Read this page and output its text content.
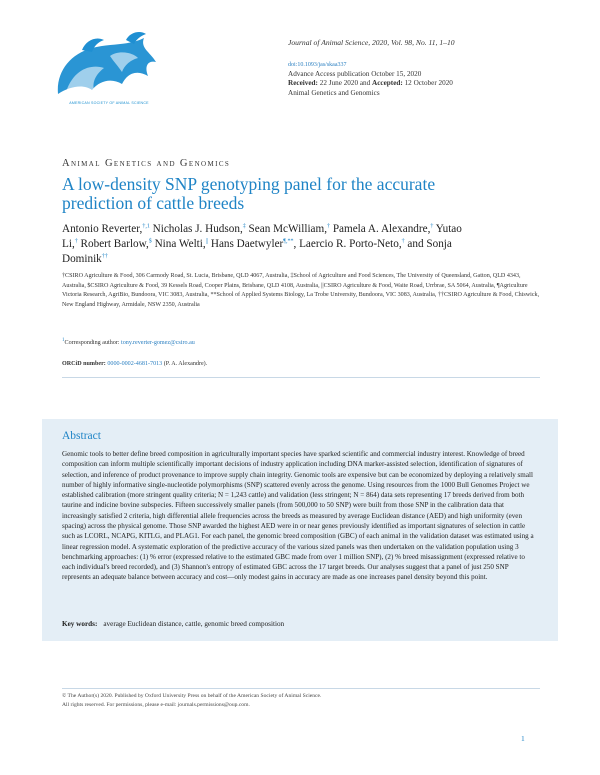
AMERICAN SOCIETY OF ANIMAL SCIENCE
Journal of Animal Science, 2020, Vol. 98, No. 11, 1–10
doi:10.1093/jas/skaa337
Advance Access publication October 15, 2020
Received: 22 June 2020 and Accepted: 12 October 2020
Animal Genetics and Genomics
Animal Genetics and Genomics
A low-density SNP genotyping panel for the accurate prediction of cattle breeds
Antonio Reverter,$^{\dagger,1}$ Nicholas J. Hudson,‡ Sean McWilliam,† Pamela A. Alexandre,† Yutao Li,† Robert Barlow,$ Nina Welti,|| Hans Daetwyler¶,**, Laercio R. Porto-Neto,† and Sonja Dominik††
†CSIRO Agriculture & Food, 306 Carmody Road, St. Lucia, Brisbane, QLD 4067, Australia, ‡School of Agriculture and Food Sciences, The University of Queensland, Gatton, QLD 4343, Australia, $CSIRO Agriculture & Food, 39 Kessels Road, Cooper Plains, Brisbane, QLD 4108, Australia, ||CSIRO Agriculture & Food, Waite Road, Urrbrae, SA 5064, Australia, ¶Agriculture Victoria Research, AgriBio, Bundoora, VIC 3083, Australia, **School of Applied Systems Biology, La Trobe University, Bundoora, VIC 3083, Australia, ††CSIRO Agriculture & Food, Chiswick, New England Highway, Armidale, NSW 2350, Australia
$^1$Corresponding author: tony.reverter-gomez@csiro.au
ORCiD number: 0000-0002-4681-7013 (P. A. Alexandre).
Abstract
Genomic tools to better define breed composition in agriculturally important species have sparked scientific and commercial industry interest. Knowledge of breed composition can inform multiple scientifically important decisions of industry application including DNA marker-assisted selection, identification of signatures of selection, and inference of product provenance to improve supply chain integrity. Genomic tools are expensive but can be economized by deploying a relatively small number of highly informative single-nucleotide polymorphisms (SNP) scattered evenly across the genome. Using resources from the 1000 Bull Genomes Project we established calibration (more stringent quality criteria; N = 1,243 cattle) and validation (less stringent; N = 864) data sets representing 17 breeds derived from both taurine and indicine bovine subspecies. Fifteen successively smaller panels (from 500,000 to 50 SNP) were built from those SNP in the calibration data that increasingly satisfied 2 criteria, high differential allele frequencies across the breeds as measured by average Euclidean distance (AED) and high uniformity (even spacing) across the physical genome. Those SNP awarded the highest AED were in or near genes previously identified as important signatures of selection in cattle such as LCORL, NCAPG, KITLG, and PLAG1. For each panel, the genomic breed composition (GBC) of each animal in the validation dataset was estimated using a linear regression model. A systematic exploration of the predictive accuracy of the various sized panels was then undertaken on the validation population using 3 benchmarking approaches: (1) % error (expressed relative to the estimated GBC made from over 1 million SNP), (2) % breed misassignment (expressed relative to each individual's breed recorded), and (3) Shannon's entropy of estimated GBC across the 17 target breeds. Our analyses suggest that a panel of just 250 SNP represents an adequate balance between accuracy and cost—only modest gains in accuracy are made as one increases panel density beyond this point.
Key words: average Euclidean distance, cattle, genomic breed composition
© The Author(s) 2020. Published by Oxford University Press on behalf of the American Society of Animal Science.
All rights reserved. For permissions, please e-mail: journals.permissions@oup.com.
1
